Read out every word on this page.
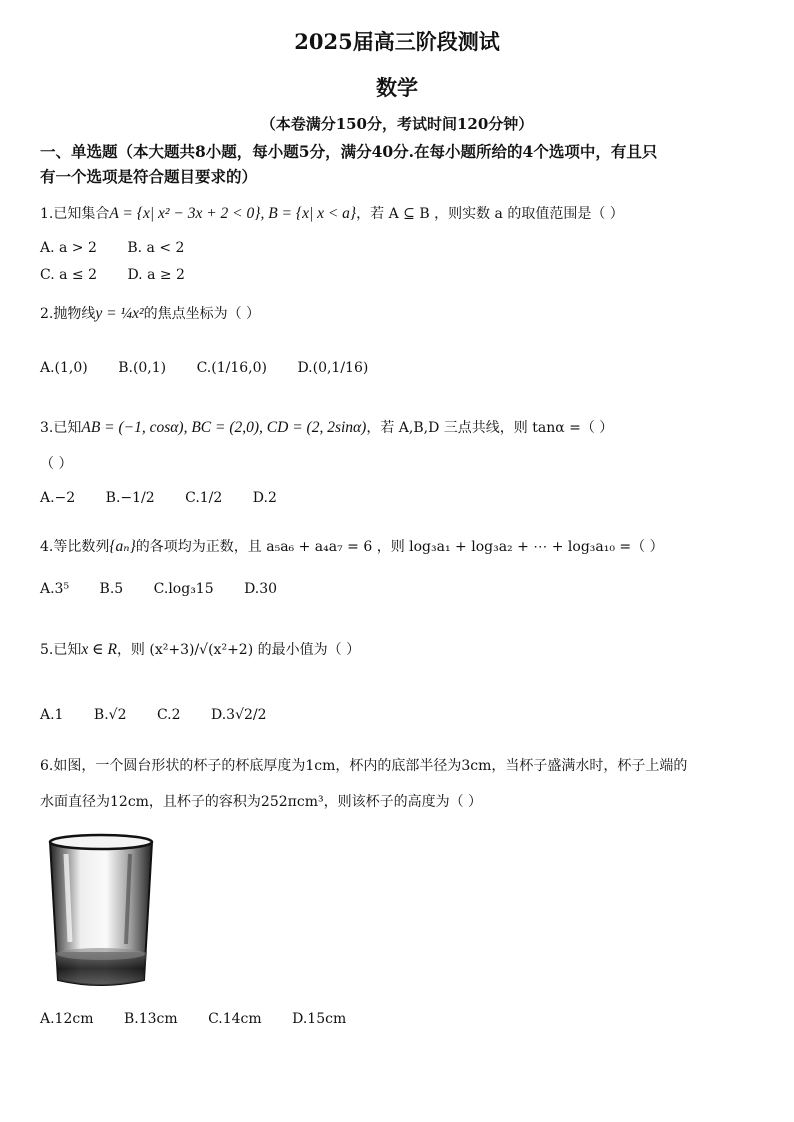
2025届高三阶段测试
数学
（本卷满分150分，考试时间120分钟）
一、单选题（本大题共8小题，每小题5分，满分40分.在每小题所给的4个选项中，有且只
有一个选项是符合题目要求的）
1.已知集合A = {x| x² − 3x + 2 < 0}, B = {x| x < a}，若 A ⊆ B ，则实数 a 的取值范围是（ ）
A. a > 2 B. a < 2
C. a ≤ 2 D. a ≥ 2
2.抛物线y = ¼x²的焦点坐标为（ ）
A.(1,0) B.(0,1) C.(1/16,0) D.(0,1/16)
3.已知AB = (−1, cosα), BC = (2,0), CD = (2, 2sinα)，若 A,B,D 三点共线，则 tanα =（ ）
（ ）
A.−2 B.−1/2 C.1/2 D.2
4.等比数列{aₙ}的各项均为正数，且 a₅a₆ + a₄a₇ = 6 ，则 log₃a₁ + log₃a₂ + ⋯ + log₃a₁₀ =（ ）
A.3⁵ B.5 C.log₃15 D.30
5.已知x ∈ R，则 (x²+3)/√(x²+2) 的最小值为（ ）
A.1 B.√2 C.2 D.3√2/2
6.如图，一个圆台形状的杯子的杯底厚度为1cm，杯内的底部半径为3cm，当杯子盛满水时，杯子上端的
水面直径为12cm，且杯子的容积为252πcm³，则该杯子的高度为（ ）
A.12cm B.13cm C.14cm D.15cm
